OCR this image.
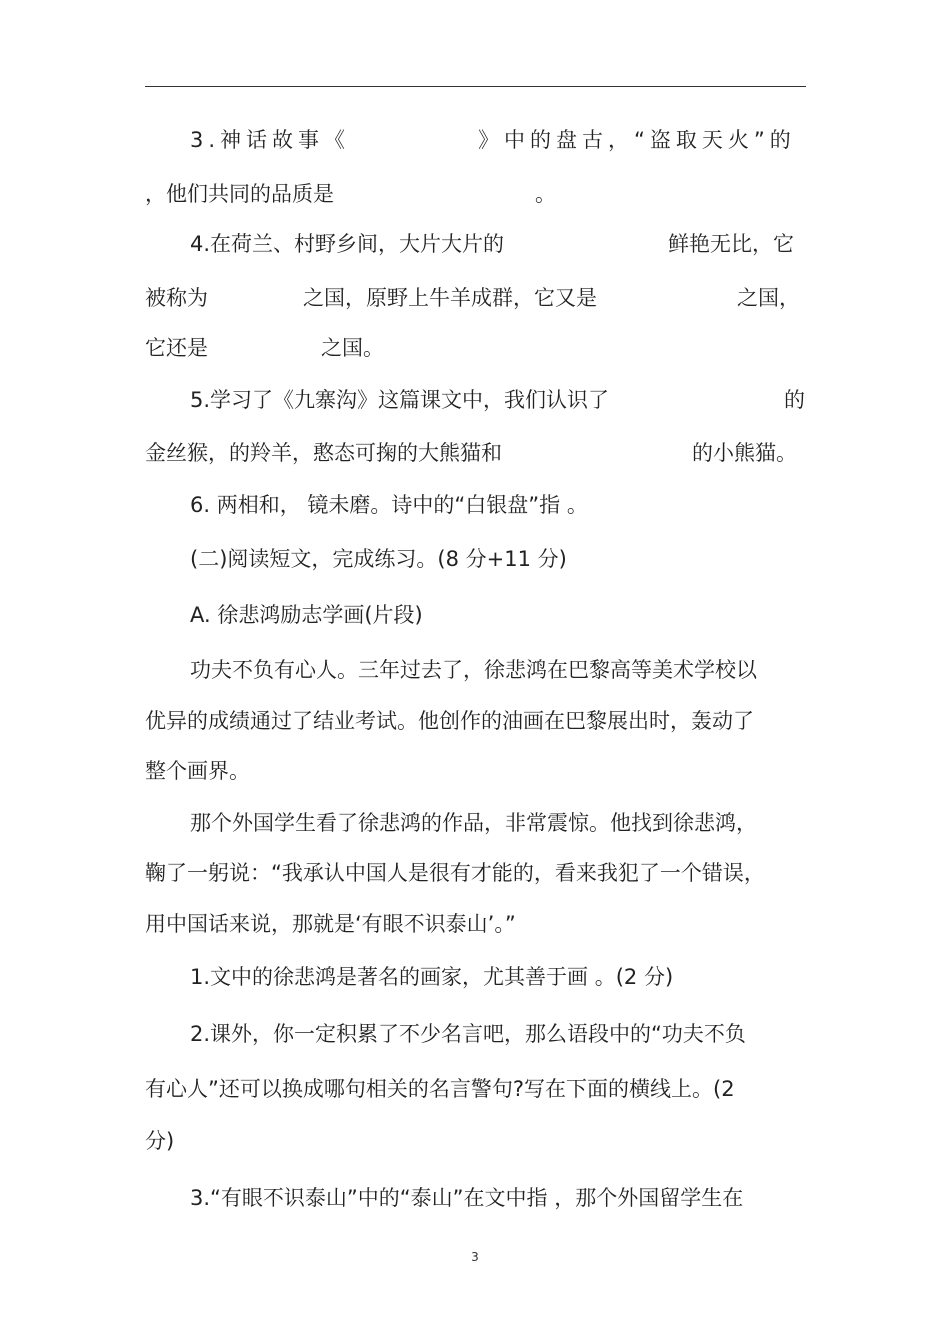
3.神话故事《	》中的盘古，“盗取天火”的
，他们共同的品质是	。
4.在荷兰、村野乡间，大片大片的	鲜艳无比，它
被称为	之国，原野上牛羊成群，它又是	之国，
它还是	之国。
5.学习了《九寨沟》这篇课文中，我们认识了	的
金丝猴，的羚羊，憨态可掬的大熊猫和	的小熊猫。
6. 两相和， 镜未磨。诗中的“白银盘”指 。
(二)阅读短文，完成练习。(8 分+11 分)
A. 徐悲鸿励志学画(片段)
功夫不负有心人。三年过去了，徐悲鸿在巴黎高等美术学校以
优异的成绩通过了结业考试。他创作的油画在巴黎展出时，轰动了
整个画界。
那个外国学生看了徐悲鸿的作品，非常震惊。他找到徐悲鸿，
鞠了一躬说：“我承认中国人是很有才能的，看来我犯了一个错误，
用中国话来说，那就是‘有眼不识泰山’。”
1.文中的徐悲鸿是著名的画家，尤其善于画 。(2 分)
2.课外，你一定积累了不少名言吧，那么语段中的“功夫不负
有心人”还可以换成哪句相关的名言警句?写在下面的横线上。(2
分)
3.“有眼不识泰山”中的“泰山”在文中指 ，那个外国留学生在
3
